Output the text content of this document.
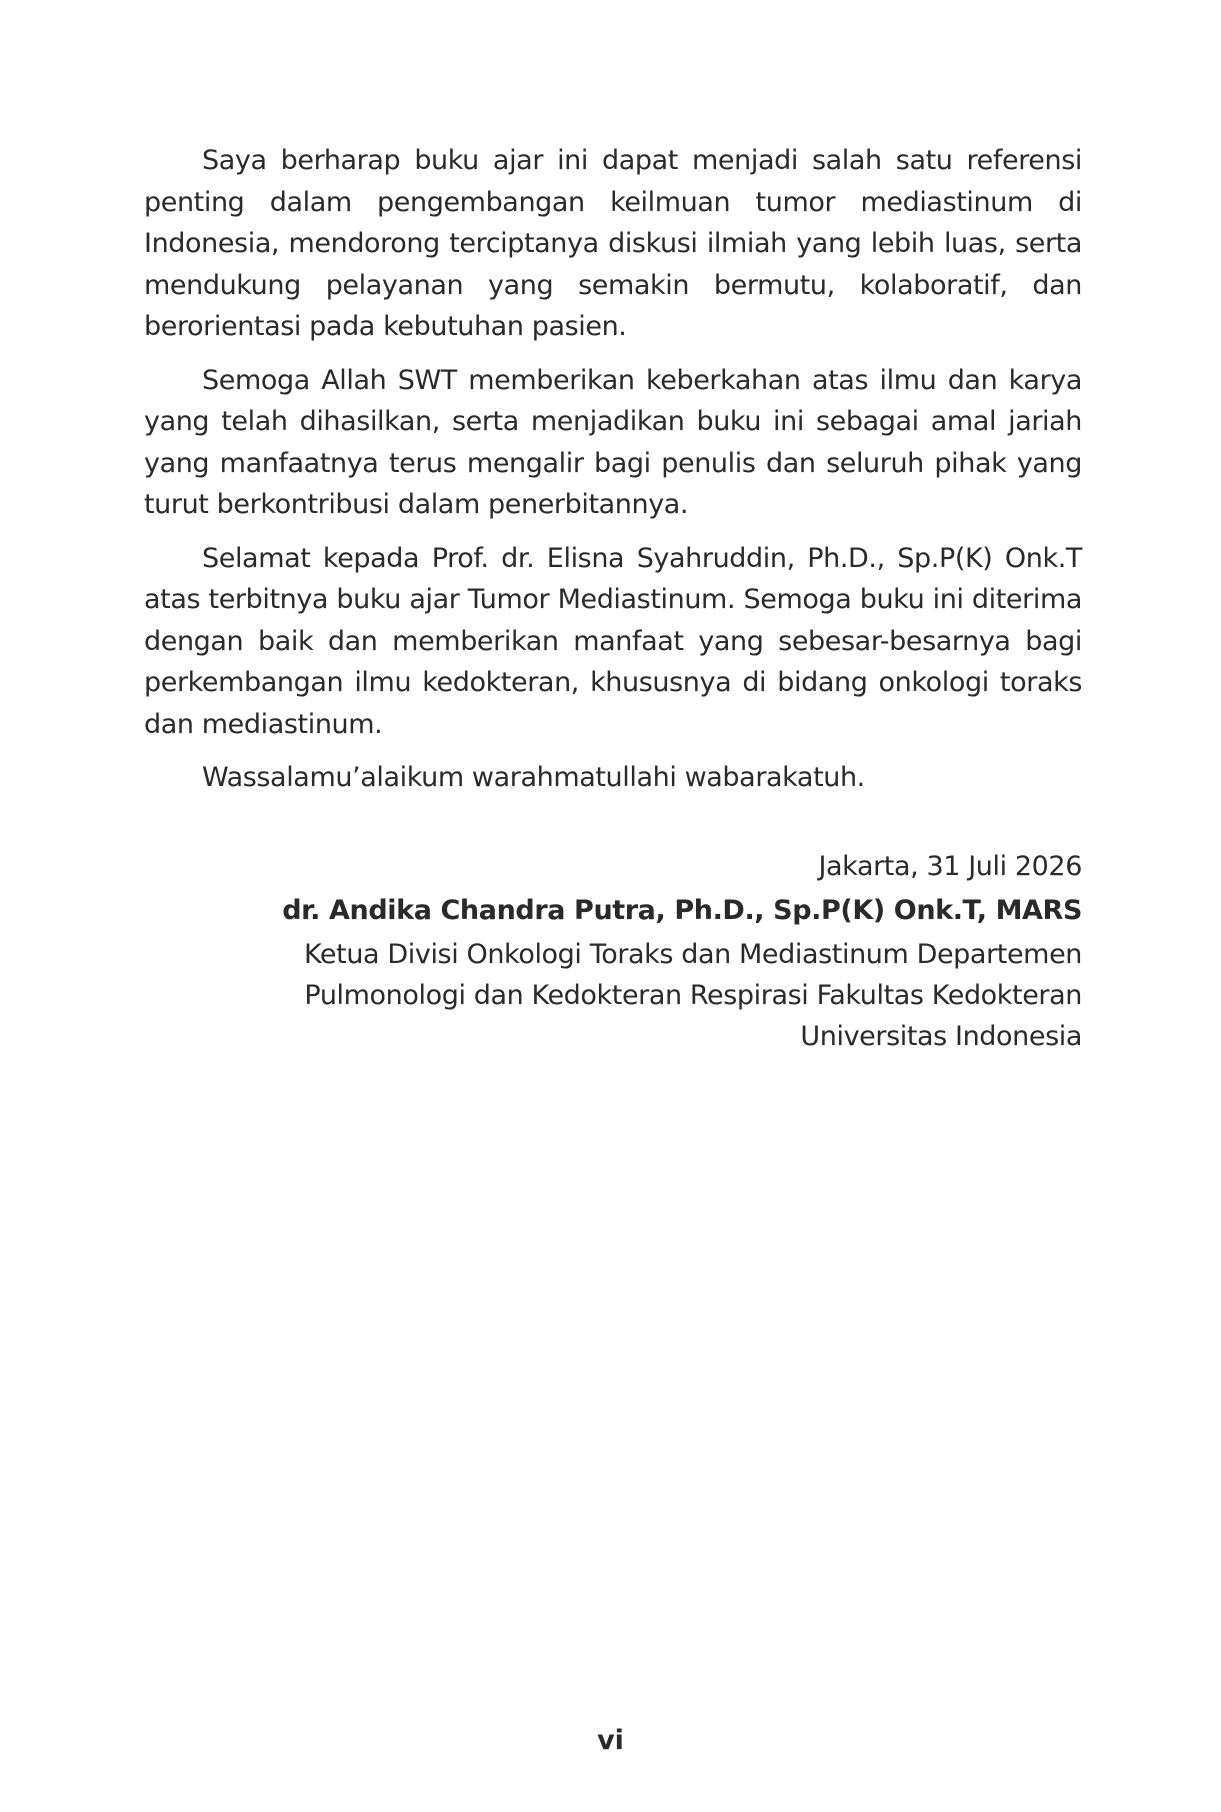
Saya berharap buku ajar ini dapat menjadi salah satu referensi penting dalam pengembangan keilmuan tumor mediastinum di Indonesia, mendorong terciptanya diskusi ilmiah yang lebih luas, serta mendukung pelayanan yang semakin bermutu, kolaboratif, dan berorientasi pada kebutuhan pasien.

Semoga Allah SWT memberikan keberkahan atas ilmu dan karya yang telah dihasilkan, serta menjadikan buku ini sebagai amal jariah yang manfaatnya terus mengalir bagi penulis dan seluruh pihak yang turut berkontribusi dalam penerbitannya.

Selamat kepada Prof. dr. Elisna Syahruddin, Ph.D., Sp.P(K) Onk.T atas terbitnya buku ajar Tumor Mediastinum. Semoga buku ini diterima dengan baik dan memberikan manfaat yang sebesar-besarnya bagi perkembangan ilmu kedokteran, khususnya di bidang onkologi toraks dan mediastinum.

Wassalamu’alaikum warahmatullahi wabarakatuh.

Jakarta, 31 Juli 2026
dr. Andika Chandra Putra, Ph.D., Sp.P(K) Onk.T, MARS
Ketua Divisi Onkologi Toraks dan Mediastinum Departemen
Pulmonologi dan Kedokteran Respirasi Fakultas Kedokteran
Universitas Indonesia
vi
